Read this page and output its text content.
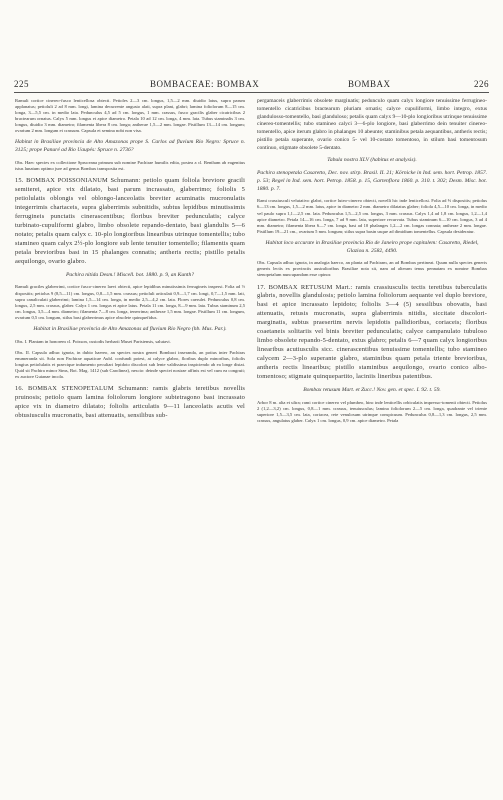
225	BOMBACEAE: BOMBAX	BOMBAX	226

Ramuli cortice cinereo-fusco lenticellosa obtecti. Petioles 2—3 cm. longus, 1,5—2 mm. diuidio latus, supra parum applanatus; petioluli 2 ad 8 mm. longi, lamina decurrente angusto alati, supra plani, glabri; lamina foliolorum 8—15 cm. longa, 3—5,5 cm. in medio lata. Pedunculus 4,5 ad 5 cm. longus, 1 mm. crassus, fusco gracilis glaber cicatricibus 2 bractearum ornatus. Calyx 5 mm. longus et apice diametro. Petala 10 ad 12 cm. longa, 4 mm. lata. Tubus staminalis 3 cm. longus, diuidio 3 mm. diametro; filamenta libera 8 cm. longa; antherae 1,5—2 mm. longae. Pistillum 13—14 cm. longum; ovarium 2 mm. longum et crassum. Capsula et semina nobi non visa.

Habitat in Brasiliae provincia de Alto Amazonas prope S. Carlos ad fluvium Rio Negro: Spruce n. 3125; prope Panuré ad Rio Uaupés: Spruce n. 2736?

Obs. Haec species ex collectione Spruceana primum sub nomine Pachirae humilis edita, postea a cl. Bentham ab eagenitus istus lunatum optimo jure ad genus Bombax transposita est.

15. BOMBAX POISSONIANUM Schumann: petiolo quam foliola breviore gracili semiterei, apice vix dilatato, basi parum incrassato, glaberrimo; foliolis 5 petiolulatis oblongis vel oblongo-lanceolatis breviter acuminatis mucronulatis integerrimis chartaceis, supra glaberrimis subnitidis, subtus lepidibus minutissimis ferrugineis punctatis cinerascentibus; floribus breviter pedunculatis; calyce turbinato-cupuliformi glabro, limbo obsolete repando-dentato, basi glandulis 5—6 notato; petalis quam calyx c. 10-plo longioribus linearibus utrinque tomentellis; tubo stamineo quam calyx 2½-plo longiore sub lente tenuiter tomentello; filamentis quam petala brevioribus basi in 15 phalanges connatis; antheris rectis; pistillo petalis aequilongo, ovario glabro.

Pachira nitida Desm.! Miscell. bot. 1880. p. 9, an Kunth?

Ramuli graciles glaberrimi, cortice fusco-cinereo laevi obtecti, apice lepidibus minutissimis ferrugineis inspersi. Folia ad ½ dispositis; petiolus 9 (8,5—11) cm. longus, 0,8—1,5 mm. crassus; petioluli articulati 0,9—1,7 cm. longi, 0,7—1,5 mm. lati, supra canaliculati glaberrimi; lamina 1,5—14 cm. longa, in medio 2,5—4,2 cm. lata. Flores caerulei. Pedunculus 0,8 cm. longus, 2,5 mm. crassus, glaber. Calyx 1 cm. longus et apice latus. Petala 11 cm. longa, 8—9 mm. lata. Tubus staminum 2,5 cm. longus, 3,5—4 mm. diametro; filamenta 7—8 cm. longa, tenerrima; antherae 1,5 mm. longae. Pistillum 11 cm. longum, ovarium 0,5 cm. longum, stilus basi glaberrimus apice obsolete quinquefidus.

Habitat in Brasiliae provincia de Alto Amazonas ad fluvium Rio Negro (hb. Mus. Par.).

Obs. I. Plantam in honorem cl. Poisson, custodis herbarii Musei Parisiensis, salutavi.

Obs. II. Capsula adhuc ignota, in dubio haereo, an species nostra generi Bombaci inseranda, an potius inter Pachiras enumeranda sit. Sola non Pachirae aquaticae Aubl. confundi potest, at calyce glabro, floribus duplo minoribus, foliolis longius petiolulatis et praecique indumento peculiari lepidoto discolori sub lente valdissima inspiciendo ab ea longe distat. Quid sit Pachira minor Sims, Bot. Mag. 1412 (sub Carolinea), nescio: deinde speciei nostrae affinis est vel cum ea congruit; ex auctore Guianae incola.

16. BOMBAX STENOPETALUM Schumann: ramis glabris teretibus novellis pruinosis; petiolo quam lamina foliolorum longiore subtetragono basi incrassato apice vix in diametro dilatato; foliolis articulatis 9—11 lanceolatis acutis vel obtusiusculis mucronatis, basi attenuatis, sensilibus sub-

pergamaceis glaberrimis obsolete marginatis; pedunculo quam calyx longiore tenuissime ferrugineo-tomentello cicatricibus bractearum pluriam ornatis; calyce cupuliformi, limbo integro, extus glandulosso-tomentello, basi glanduloso; petalis quam calyx 9—10-plo longioribus utrinque tenuissime cinereo-tomentellis; tubo stamineo calyci 3—6-plo longiore, basi glaberrimo dein tenuiter cinereo-tomentello, apice iterum glabro in phalanges 10 abeunte; staminibus petala aequantibus, antheris rectis; pistillo petala superante, ovario conico 5- vel 10-costato tomentoso, in stilum basi tomentosum continuo, stigmate obsolete 5-dentato.

Tabula nostra XLV (habitus et analysis).

Pachira stenopetala Casaretto, Dec. nov. stirp. Brasil. II. 21; Körnicke in Ind. sem. hort. Petrop. 1857. p. 53; Regel in Ind. sem. hort. Petrop. 1858. p. 15, Gartenflora 1860. p. 310. t. 302; Desm. Misc. bot. 1880. p. 7.

Rami crassiusculi velutativo glabri, cortice luteo-cinereo obtecti, novelli hic inde lenticellosi. Folia ad ⅔ dispositis; petiolus 6—13 cm. longus, 1,5—2 mm. latus, apice in diametro 2 mm. diametro dilatatus glaber; foliola 4,5—10 cm. longa, in medio vel paulo supra 1,1—2,5 cm. lata. Pedunculus 1,5—2,5 cm. longus, 3 mm. crassus. Calyx 1,4 ad 1,8 cm. longus, 1,2—1,4 apice diametro. Petala 14—16 cm. longa, 7 ad 9 mm. lata, superiore recurvata. Tubus staminum 6—10 cm. longus, 3 ad 4 mm. diametro; filamenta libera 6—7 cm. longa, basi ad 10 phalanges 1,2—2 cm. longas connata; antherae 2 mm. longae. Pistillum 19—21 cm., ovarium 5 mm. longum; stilus supra basin usque ad dimidium tomentellus. Capsula desideratur.

Habitat loco accurate in Brasiliae provincia Rio de Janeiro prope capitalem: Casaretto, Riedel, Glaziou n. 2582, 4490.

Obs. Capsula adhuc ignota, in analogia haerco, an planta ad Pachiram, an ad Bombax pertineat. Quum nulla species generis generis lectis ex provinciis australioribus Brasiliae nota sit, nam ad alteram tenus pennatam ex nomine Bombax stenopetalum nuncupandam esse opinor.

17. BOMBAX RETUSUM Mart.: ramis crassiusculis tectis teretibus tuberculatis glabris, novellis glandulosis; petiolo lamina foliolorum aequante vel duplo breviore, basi et apice incrassato lepidoto; foliolis 3—4 (5) sessilibus obovatis, basi attenuatis, retusis mucronatis, supra glaberrimis nitidis, siccitate discolori-marginatis, subtus praesertim nervis lepidotis pallidioribus, coriaceis; floribus coaetaneis solitariis vel binis breviter pedunculatis; calyce campanulato tubuloso limbo obsolete repando-5-dentato, extus glabro; petalis 6—7 quam calyx longioribus linearibus acutiusculis sicc. cinerascentibus tenuissime tomentellis; tubo stamineo calycem 2—3-plo superante glabro, staminibus quam petala triente brevioribus, antheris rectis linearibus; pistillo staminibus aequilongo, ovario conico albo-tomentoso; stigmate quinquepartito, laciniis lineribus patentibus.

Bombax retusum Mart. et Zucc.! Nov. gen. et spec. I. 92. t. 59.

Arbor 8 m. alta et ultra; rami cortice cinereo vel plumbeo, hinc inde lenticellis orbiculatis impresso-tomenti obtecti. Petiolus 2 (1,2—3,2) cm. longus, 0,8—1 mm. crassus, tenuiusculus; lamina foliolorum 2—5 cm. longa, quadrante vel triente superiore 1,5—3,5 cm. lata, coriacea, rete venulosum utrinque conspicuum. Pedunculus 0,8—1,3 cm. longus, 2,5 mm. crassus, angulatus glaber. Calyx 1 cm. longus, 0,9 cm. apice diametro. Petala
